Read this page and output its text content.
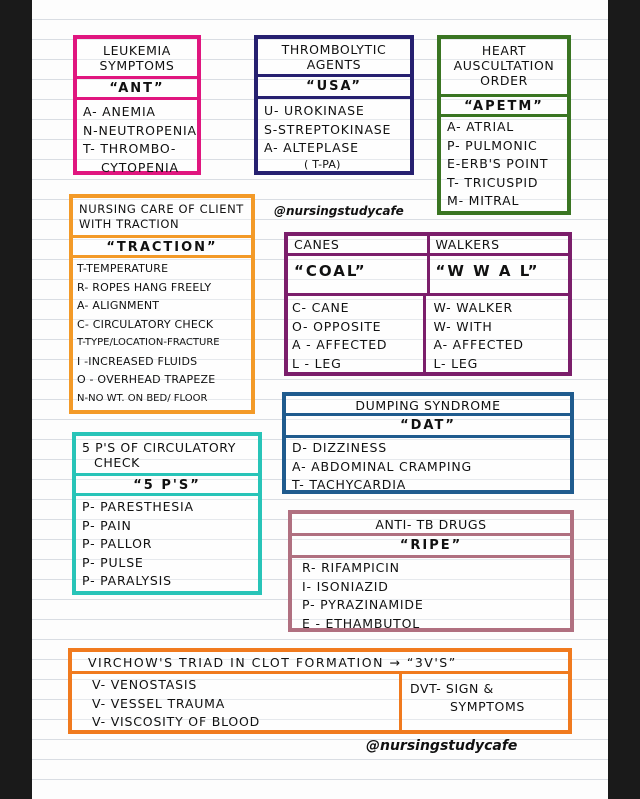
LEUKEMIA
SYMPTOMS
“ANT”
A- ANEMIA
N-NEUTROPENIA
T- THROMBO-
CYTOPENIA
THROMBOLYTIC
AGENTS
“USA”
U- UROKINASE
S-STREPTOKINASE
A- ALTEPLASE
( T-PA)
HEART
AUSCULTATION
ORDER
“APETM”
A- ATRIAL
P- PULMONIC
E-ERB'S POINT
T- TRICUSPID
M- MITRAL
NURSING CARE OF CLIENT
WITH TRACTION
“TRACTION”
T-TEMPERATURE
R- ROPES HANG FREELY
A- ALIGNMENT
C- CIRCULATORY CHECK
T-TYPE/LOCATION-FRACTURE
I -INCREASED FLUIDS
O - OVERHEAD TRAPEZE
N-NO WT. ON BED/ FLOOR
@nursingstudycafe
CANES	WALKERS
“COAL”	“W W A L”
C- CANE
O- OPPOSITE
A - AFFECTED
L - LEG
W- WALKER
W- WITH
A- AFFECTED
L- LEG
DUMPING SYNDROME
“DAT”
D- DIZZINESS
A- ABDOMINAL CRAMPING
T- TACHYCARDIA
5 P'S OF CIRCULATORY
CHECK
“5 P'S”
P- PARESTHESIA
P- PAIN
P- PALLOR
P- PULSE
P- PARALYSIS
ANTI- TB DRUGS
“RIPE”
R- RIFAMPICIN
I- ISONIAZID
P- PYRAZINAMIDE
E - ETHAMBUTOL
VIRCHOW'S TRIAD IN CLOT FORMATION → “3V'S”
V- VENOSTASIS
V- VESSEL TRAUMA
V- VISCOSITY OF BLOOD
DVT- SIGN &
SYMPTOMS
@nursingstudycafe
